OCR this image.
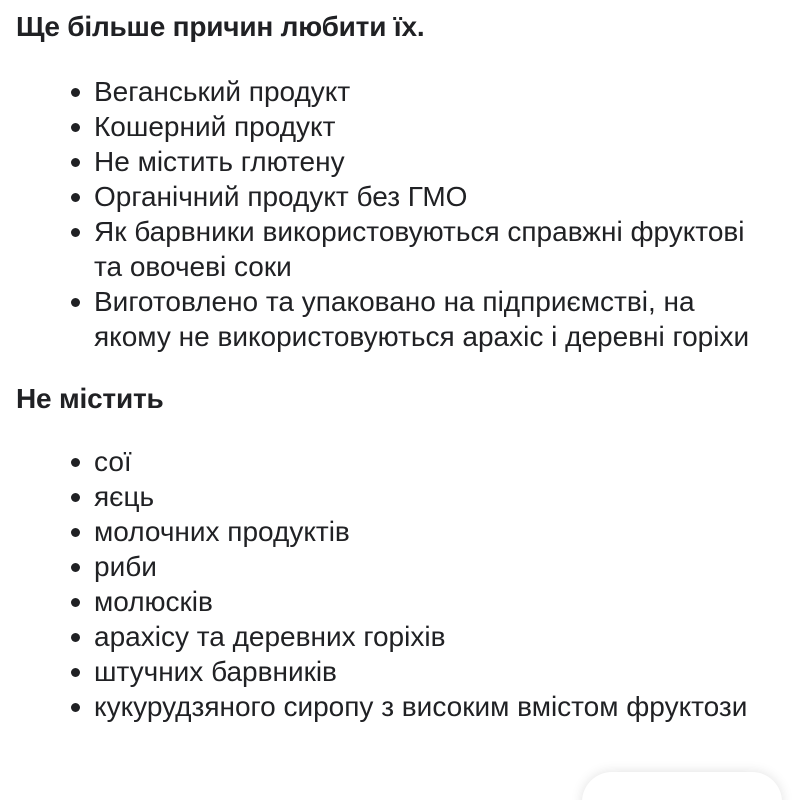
Ще більше причин любити їх.
Веганський продукт
Кошерний продукт
Не містить глютену
Органічний продукт без ГМО
Як барвники використовуються справжні фруктові та овочеві соки
Виготовлено та упаковано на підприємстві, на якому не використовуються арахіс і деревні горіхи
Не містить
сої
яєць
молочних продуктів
риби
молюсків
арахісу та деревних горіхів
штучних барвників
кукурудзяного сиропу з високим вмістом фруктози
